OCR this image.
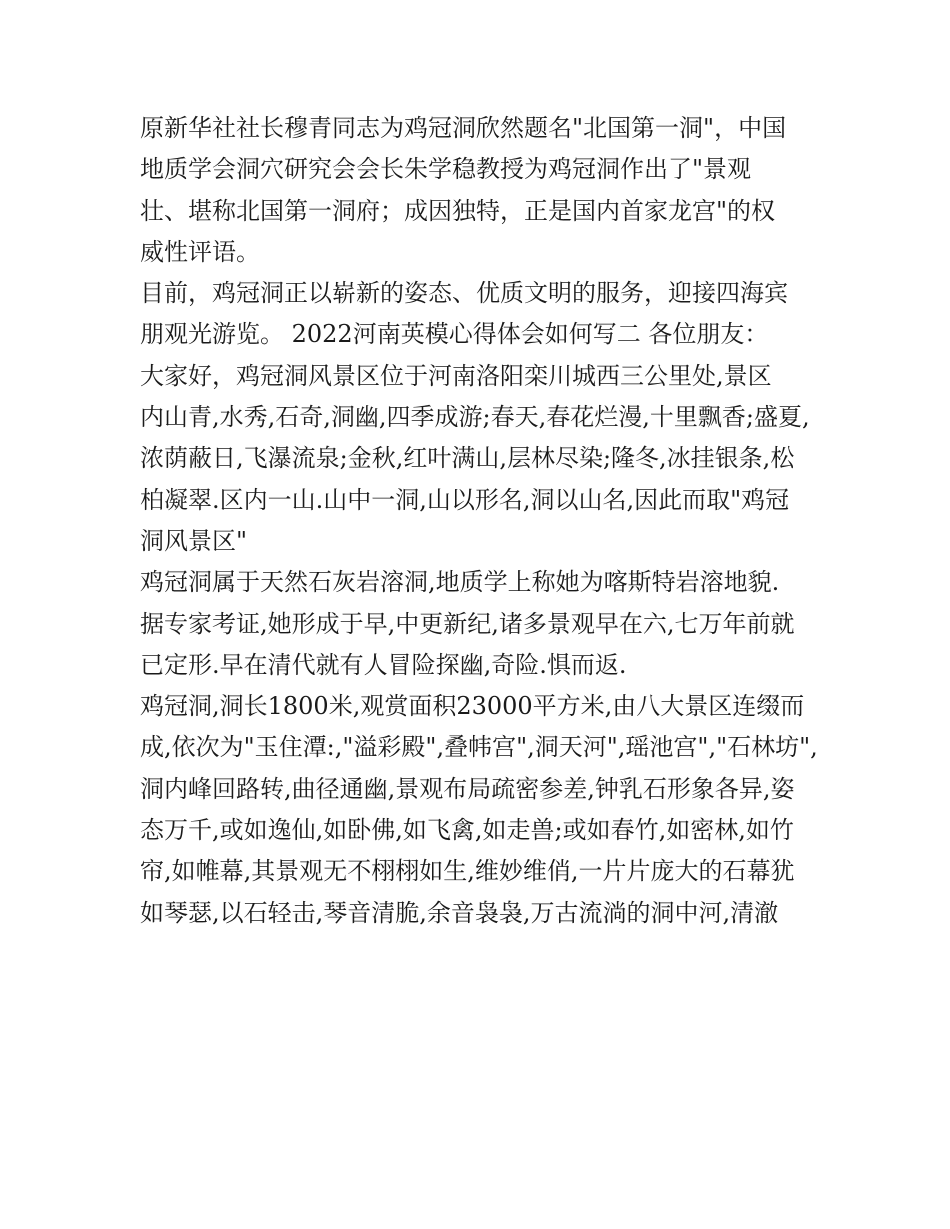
原新华社社长穆青同志为鸡冠洞欣然题名"北国第一洞"，中国
地质学会洞穴研究会会长朱学稳教授为鸡冠洞作出了"景观
壮、堪称北国第一洞府；成因独特，正是国内首家龙宫"的权
威性评语。

目前，鸡冠洞正以崭新的姿态、优质文明的服务，迎接四海宾
朋观光游览。 2022河南英模心得体会如何写二 各位朋友：

大家好，鸡冠洞风景区位于河南洛阳栾川城西三公里处,景区
内山青,水秀,石奇,洞幽,四季成游;春天,春花烂漫,十里飘香;盛夏,
浓荫蔽日,飞瀑流泉;金秋,红叶满山,层林尽染;隆冬,冰挂银条,松
柏凝翠.区内一山.山中一洞,山以形名,洞以山名,因此而取"鸡冠
洞风景区"

鸡冠洞属于天然石灰岩溶洞,地质学上称她为喀斯特岩溶地貌.
据专家考证,她形成于早,中更新纪,诸多景观早在六,七万年前就
已定形.早在清代就有人冒险探幽,奇险.惧而返.

鸡冠洞,洞长1800米,观赏面积23000平方米,由八大景区连缀而
成,依次为"玉住潭:,"溢彩殿",叠帏宫",洞天河",瑶池宫","石林坊",
洞内峰回路转,曲径通幽,景观布局疏密参差,钟乳石形象各异,姿
态万千,或如逸仙,如卧佛,如飞禽,如走兽;或如春竹,如密林,如竹
帘,如帷幕,其景观无不栩栩如生,维妙维俏,一片片庞大的石幕犹
如琴瑟,以石轻击,琴音清脆,余音袅袅,万古流淌的洞中河,清澈
